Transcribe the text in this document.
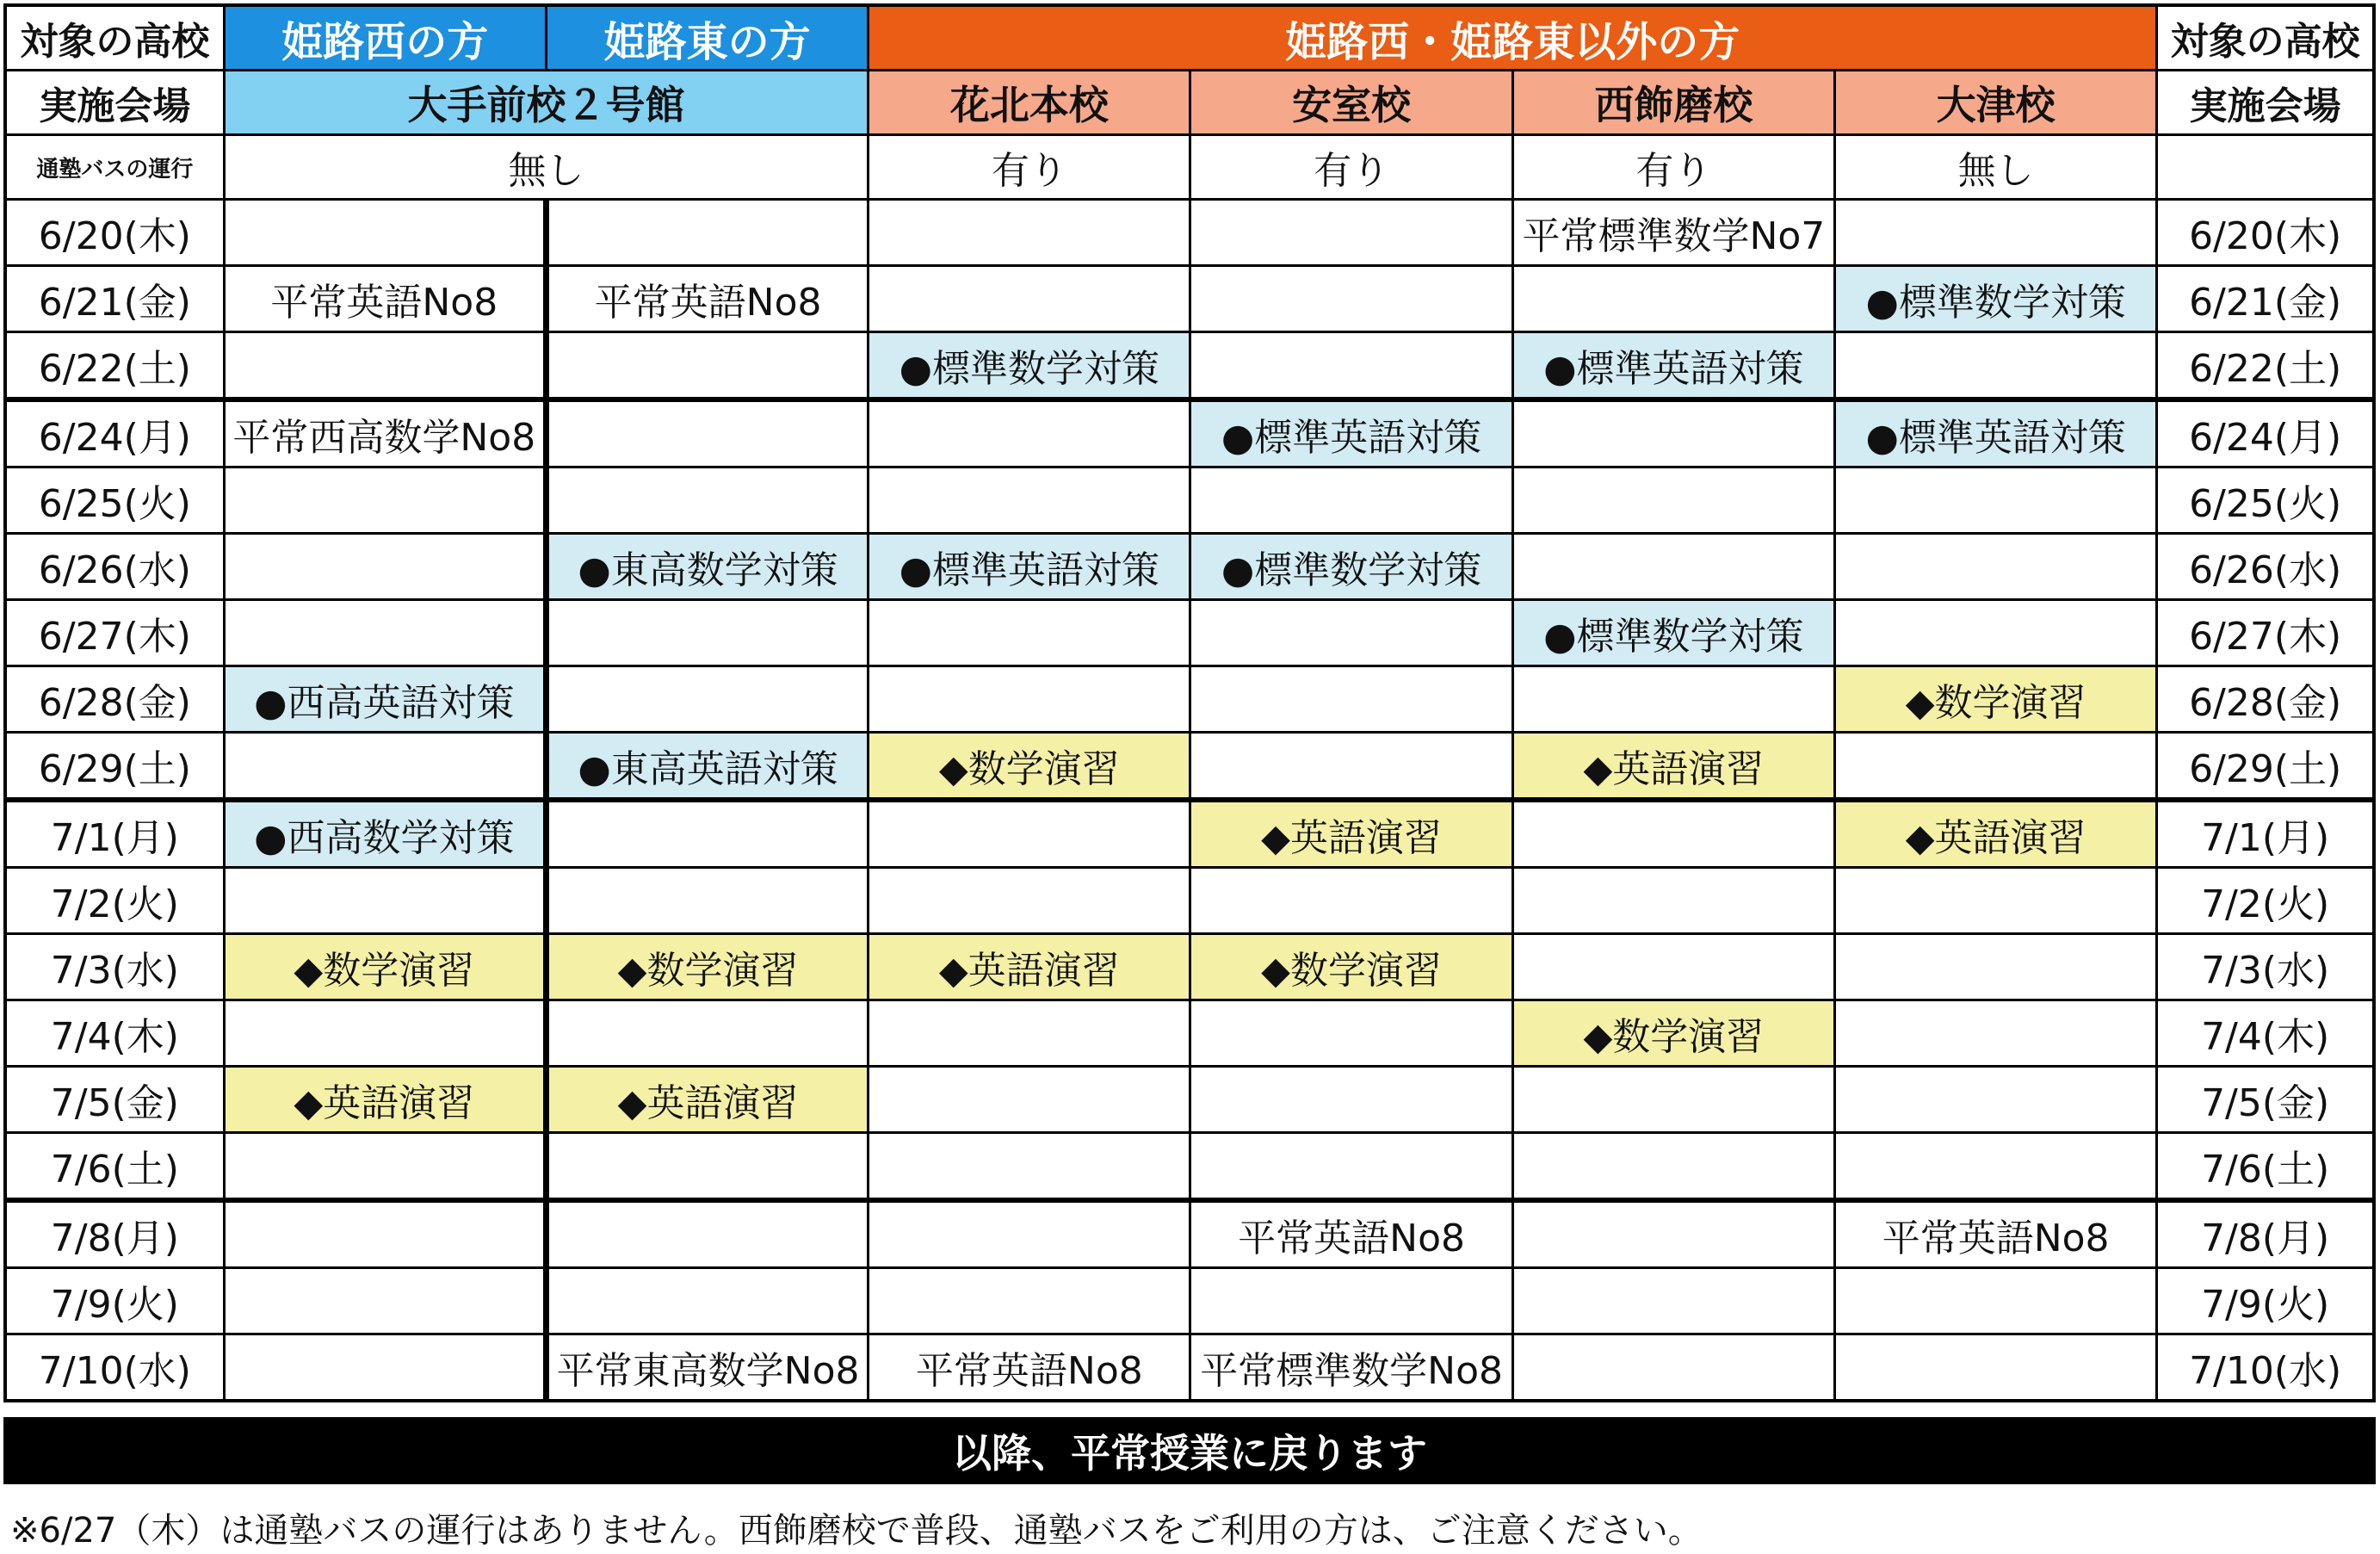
対象の高校	姫路西の方	姫路東の方	姫路西・姫路東以外の方				対象の高校
実施会場	大手前校２号館		花北本校	安室校	西飾磨校	大津校	実施会場
通塾バスの運行	無し		有り	有り	有り	無し	
6/20(木)					平常標準数学No7		6/20(木)
6/21(金)	平常英語No8	平常英語No8				●標準数学対策	6/21(金)
6/22(土)			●標準数学対策		●標準英語対策		6/22(土)
6/24(月)	平常西高数学No8			●標準英語対策		●標準英語対策	6/24(月)
6/25(火)							6/25(火)
6/26(水)		●東高数学対策	●標準英語対策	●標準数学対策			6/26(水)
6/27(木)					●標準数学対策		6/27(木)
6/28(金)	●西高英語対策					◆数学演習	6/28(金)
6/29(土)		●東高英語対策	◆数学演習		◆英語演習		6/29(土)
7/1(月)	●西高数学対策			◆英語演習		◆英語演習	7/1(月)
7/2(火)							7/2(火)
7/3(水)	◆数学演習	◆数学演習	◆英語演習	◆数学演習			7/3(水)
7/4(木)					◆数学演習		7/4(木)
7/5(金)	◆英語演習	◆英語演習					7/5(金)
7/6(土)							7/6(土)
7/8(月)				平常英語No8		平常英語No8	7/8(月)
7/9(火)							7/9(火)
7/10(水)		平常東高数学No8	平常英語No8	平常標準数学No8			7/10(水)
以降、平常授業に戻ります
※6/27（木）は通塾バスの運行はありません。西飾磨校で普段、通塾バスをご利用の方は、ご注意ください。
